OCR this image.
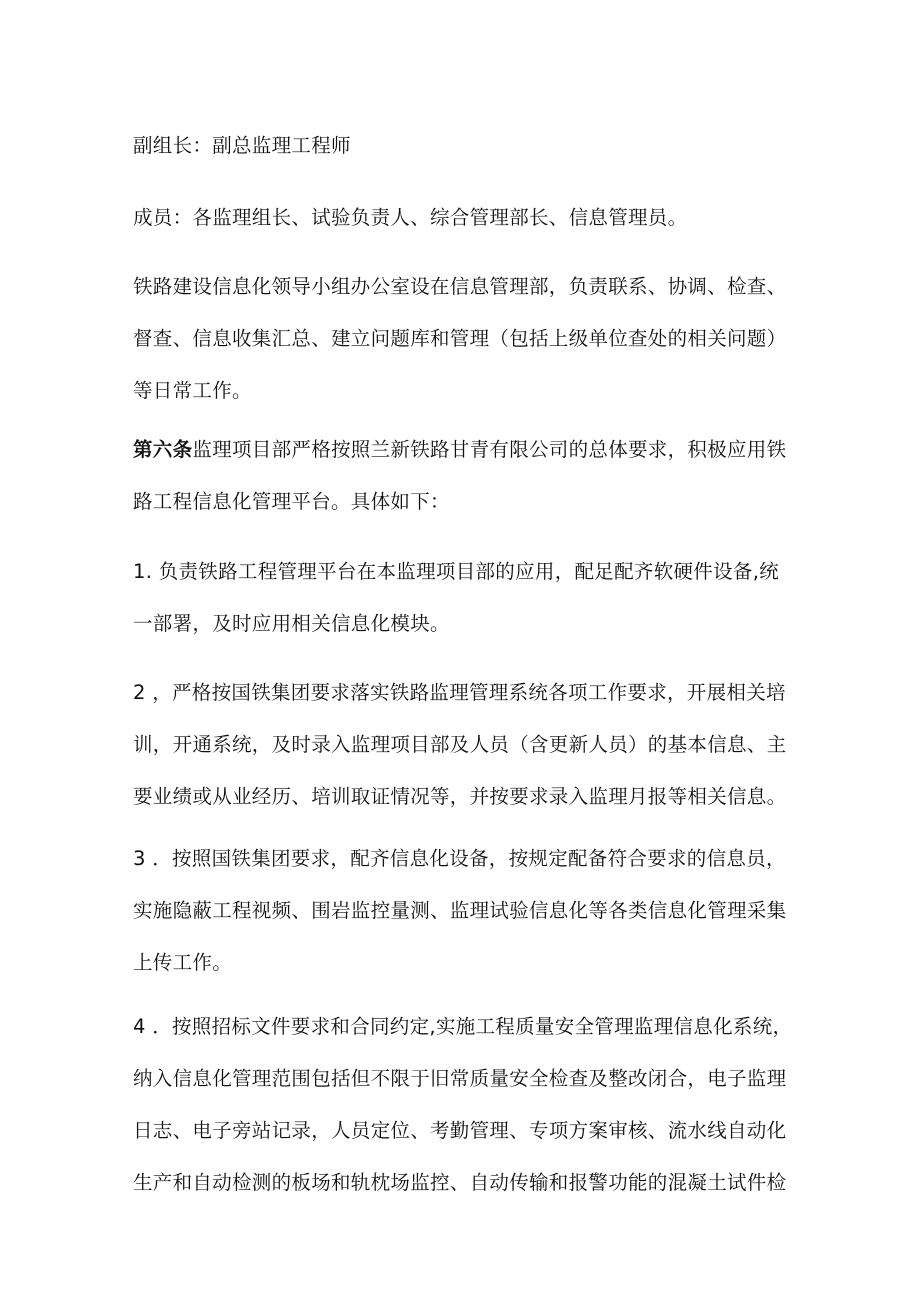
副组长：副总监理工程师

成员：各监理组长、试验负责人、综合管理部长、信息管理员。

铁路建设信息化领导小组办公室设在信息管理部，负责联系、协调、检查、
督查、信息收集汇总、建立问题库和管理（包括上级单位查处的相关问题）
等日常工作。

第六条监理项目部严格按照兰新铁路甘青有限公司的总体要求，积极应用铁
路工程信息化管理平台。具体如下：

1. 负责铁路工程管理平台在本监理项目部的应用，配足配齐软硬件设备,统
一部署，及时应用相关信息化模块。

2 ，严格按国铁集团要求落实铁路监理管理系统各项工作要求，开展相关培
训，开通系统，及时录入监理项目部及人员（含更新人员）的基本信息、主
要业绩或从业经历、培训取证情况等，并按要求录入监理月报等相关信息。

3 ．按照国铁集团要求，配齐信息化设备，按规定配备符合要求的信息员，
实施隐蔽工程视频、围岩监控量测、监理试验信息化等各类信息化管理采集
上传工作。

4 ．按照招标文件要求和合同约定,实施工程质量安全管理监理信息化系统，
纳入信息化管理范围包括但不限于旧常质量安全检查及整改闭合，电子监理
日志、电子旁站记录，人员定位、考勤管理、专项方案审核、流水线自动化
生产和自动检测的板场和轨枕场监控、自动传输和报警功能的混凝土试件检
